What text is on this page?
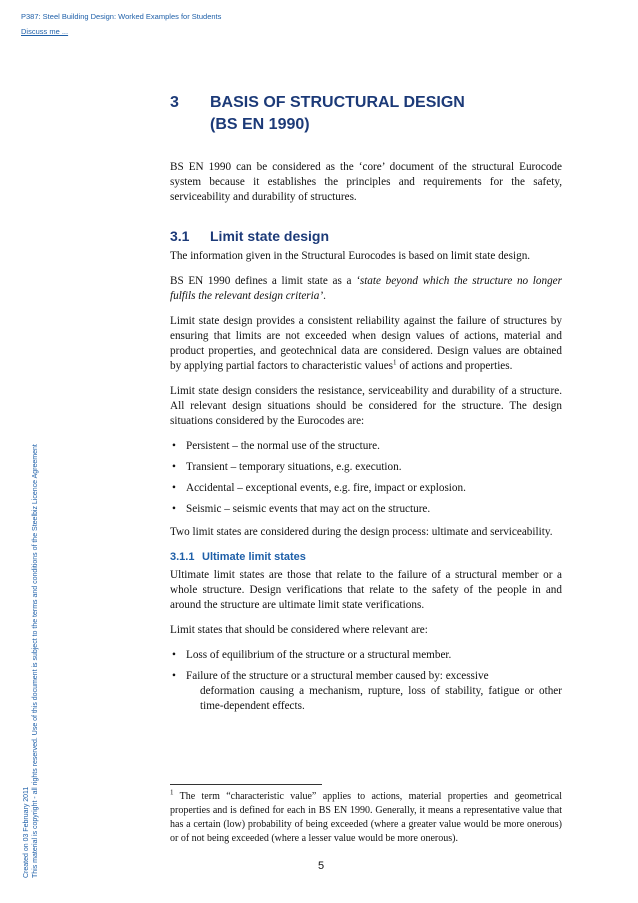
P387: Steel Building Design: Worked Examples for Students
Discuss me ...
Created on 03 February 2011 This material is copyright - all rights reserved. Use of this document is subject to the terms and conditions of the Steelbiz Licence Agreement
3	BASIS OF STRUCTURAL DESIGN
(BS EN 1990)

BS EN 1990 can be considered as the ‘core’ document of the structural Eurocode system because it establishes the principles and requirements for the safety, serviceability and durability of structures.

3.1	Limit state design

The information given in the Structural Eurocodes is based on limit state design.

BS EN 1990 defines a limit state as a ‘state beyond which the structure no longer fulfils the relevant design criteria’.

Limit state design provides a consistent reliability against the failure of structures by ensuring that limits are not exceeded when design values of actions, material and product properties, and geotechnical data are considered. Design values are obtained by applying partial factors to characteristic values$^1$ of actions and properties.

Limit state design considers the resistance, serviceability and durability of a structure. All relevant design situations should be considered for the structure. The design situations considered by the Eurocodes are:

• Persistent – the normal use of the structure.
• Transient – temporary situations, e.g. execution.
• Accidental – exceptional events, e.g. fire, impact or explosion.
• Seismic – seismic events that may act on the structure.

Two limit states are considered during the design process: ultimate and serviceability.

3.1.1 Ultimate limit states

Ultimate limit states are those that relate to the failure of a structural member or a whole structure. Design verifications that relate to the safety of the people in and around the structure are ultimate limit state verifications.

Limit states that should be considered where relevant are:

• Loss of equilibrium of the structure or a structural member.
• Failure of the structure or a structural member caused by: excessive
deformation causing a mechanism, rupture, loss of stability, fatigue or other time-dependent effects.
$^1$ The term “characteristic value” applies to actions, material properties and geometrical properties and is defined for each in BS EN 1990. Generally, it means a representative value that has a certain (low) probability of being exceeded (where a greater value would be more onerous) or of not being exceeded (where a lesser value would be more onerous).
5
